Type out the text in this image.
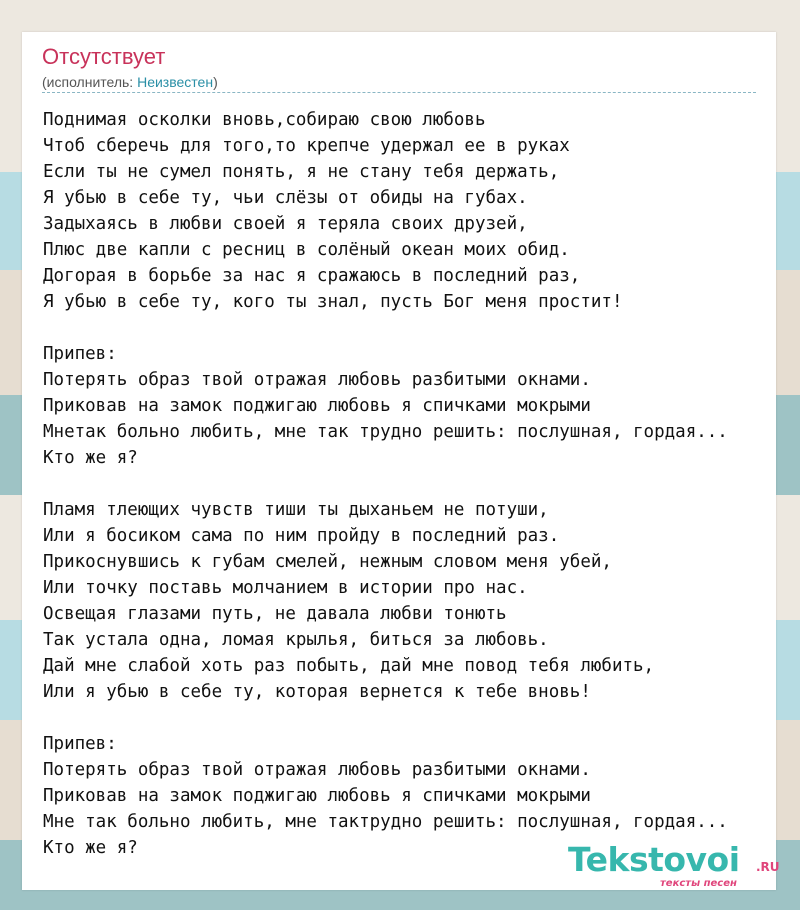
Отсутствует
(исполнитель: Неизвестен)
Поднимая осколки вновь,собираю свою любовь
Чтоб сберечь для того,то крепче удержал ее в руках
Если ты не сумел понять, я не стану тебя держать,
Я убью в себе ту, чьи слёзы от обиды на губах.
Задыхаясь в любви своей я теряла своих друзей,
Плюс две капли с ресниц в солёный океан моих обид.
Догорая в борьбе за нас я сражаюсь в последний раз,
Я убью в себе ту, кого ты знал, пусть Бог меня простит!

Припев:
Потерять образ твой отражая любовь разбитыми окнами.
Приковав на замок поджигаю любовь я спичками мокрыми
Мнетак больно любить, мне так трудно решить: послушная, гордая...
Кто же я?

Пламя тлеющих чувств тиши ты дыханьем не потуши,
Или я босиком сама по ним пройду в последний раз.
Прикоснувшись к губам смелей, нежным словом меня убей,
Или точку поставь молчанием в истории про нас.
Освещая глазами путь, не давала любви тонють
Так устала одна, ломая крылья, биться за любовь.
Дай мне слабой хоть раз побыть, дай мне повод тебя любить,
Или я убью в себе ту, которая вернется к тебе вновь!

Припев:
Потерять образ твой отражая любовь разбитыми окнами.
Приковав на замок поджигаю любовь я спичками мокрыми
Мне так больно любить, мне тактрудно решить: послушная, гордая...
Кто же я?	Tekstovoi .RU
тексты песен
